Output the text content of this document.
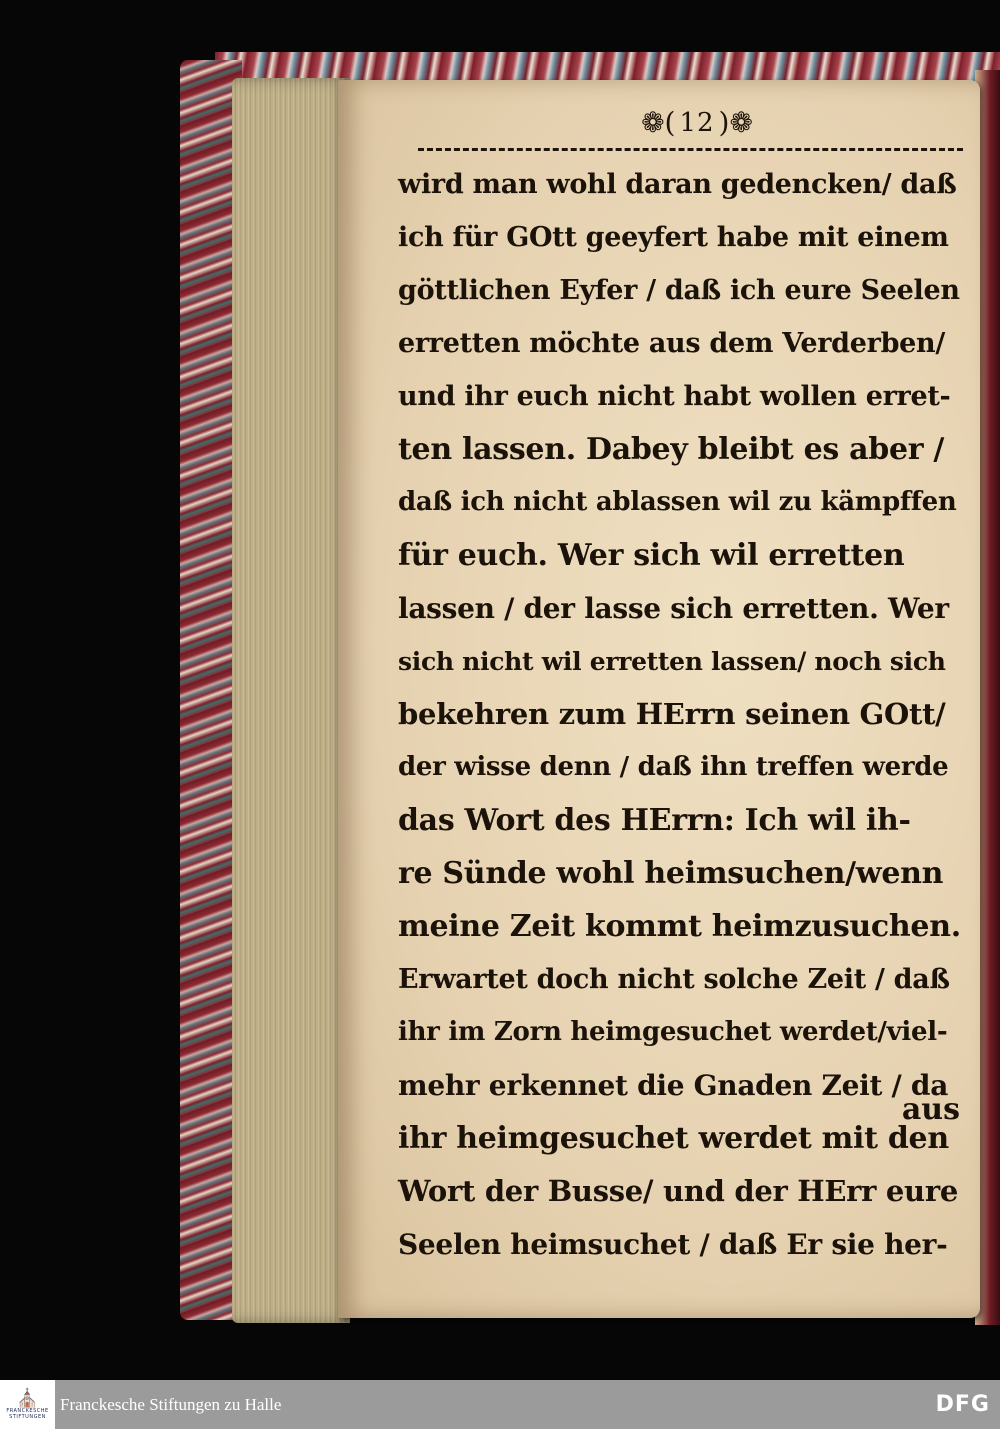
❁( 12 )❁
wird man wohl daran gedencken/ daß
ich für GOtt geeyfert habe mit einem
göttlichen Eyfer / daß ich eure Seelen
erretten möchte aus dem Verderben/
und ihr euch nicht habt wollen erret-
ten lassen. Dabey bleibt es aber /
daß ich nicht ablassen wil zu kämpffen
für euch. Wer sich wil erretten
lassen / der lasse sich erretten. Wer
sich nicht wil erretten lassen/ noch sich
bekehren zum HErrn seinen GOtt/
der wisse denn / daß ihn treffen werde
das Wort des HErrn: Ich wil ih-
re Sünde wohl heimsuchen/wenn
meine Zeit kommt heimzusuchen.
Erwartet doch nicht solche Zeit / daß
ihr im Zorn heimgesuchet werdet/viel-
mehr erkennet die Gnaden Zeit / da
ihr heimgesuchet werdet mit den
Wort der Busse/ und der HErr eure
Seelen heimsuchet / daß Er sie her-
aus
⛪
FRANCKESCHE STIFTUNGEN
Franckesche Stiftungen zu Halle	DFG
